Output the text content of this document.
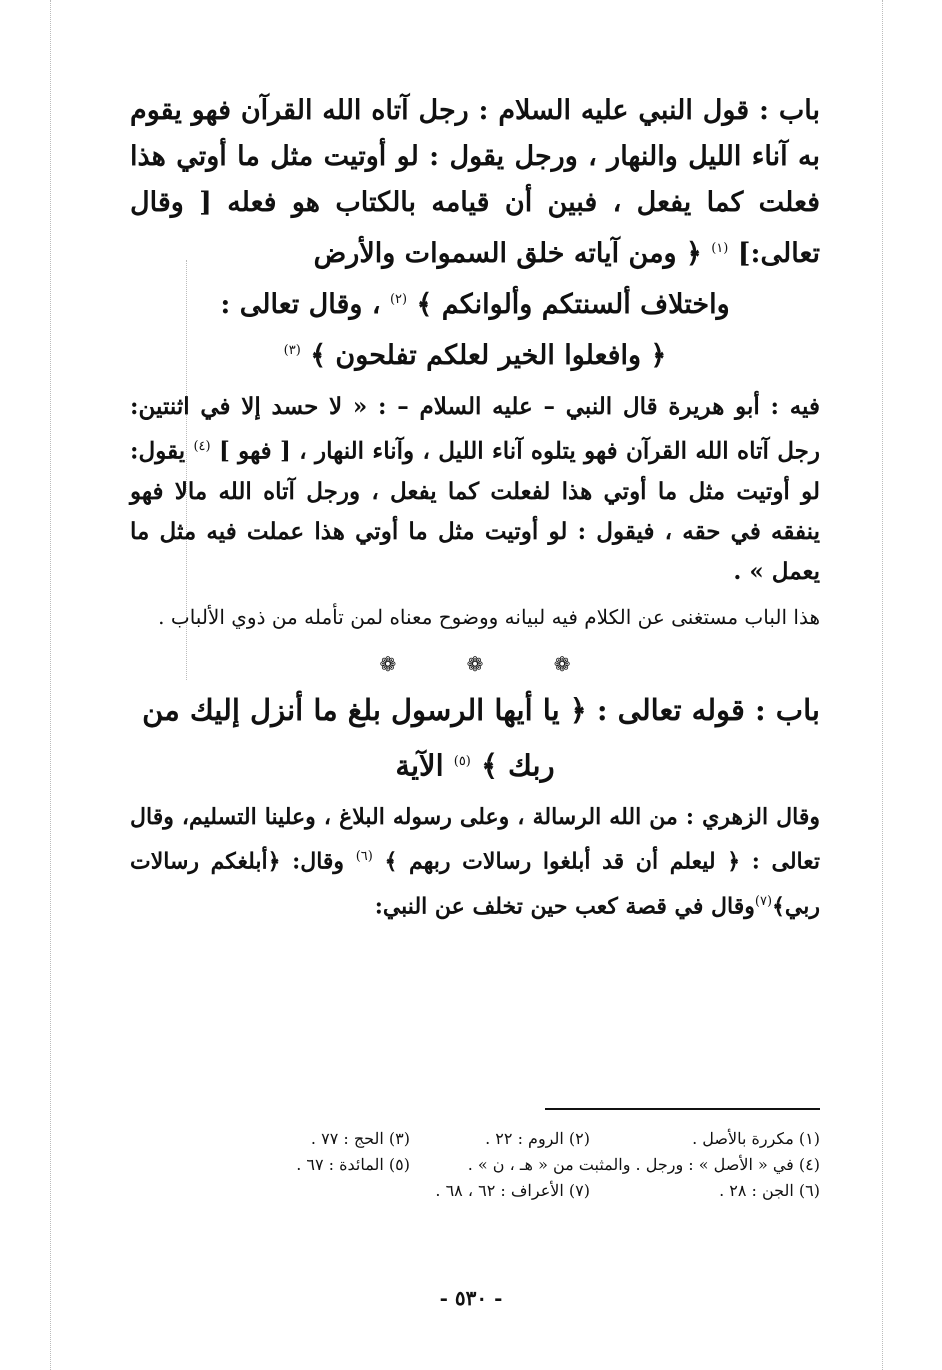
باب : قول النبي عليه السلام : رجل آتاه الله القرآن فهو يقوم به آناء الليل والنهار ، ورجل يقول : لو أوتيت مثل ما أوتي هذا فعلت كما يفعل ، فبين أن قيامه بالكتاب هو فعله [ وقال تعالى:] $^{(١)}$ ﴿ ومن آياته خلق السموات والأرض
واختلاف ألسنتكم وألوانكم ﴾ $^{(٢)}$ ، وقال تعالى :
﴿ وافعلوا الخير لعلكم تفلحون ﴾ $^{(٣)}$
فيه : أبو هريرة قال النبي – عليه السلام – : « لا حسد إلا في اثنتين: رجل آتاه الله القرآن فهو يتلوه آناء الليل ، وآناء النهار ، [ فهو ] $^{(٤)}$ يقول: لو أوتيت مثل ما أوتي هذا لفعلت كما يفعل ، ورجل آتاه الله مالا فهو ينفقه في حقه ، فيقول : لو أوتيت مثل ما أوتي هذا عملت فيه مثل ما يعمل » .
هذا الباب مستغنى عن الكلام فيه لبيانه ووضوح معناه لمن تأمله من ذوي الألباب .
❁	❁	❁
باب : قوله تعالى : ﴿ يا أيها الرسول بلغ ما أنزل إليك من
ربك ﴾ $^{(٥)}$ الآية
وقال الزهري : من الله الرسالة ، وعلى رسوله البلاغ ، وعلينا التسليم، وقال تعالى : ﴿ ليعلم أن قد أبلغوا رسالات ربهم ﴾ $^{(٦)}$ وقال: ﴿أبلغكم رسالات ربي﴾$^{(٧)}$وقال في قصة كعب حين تخلف عن النبي:
(١) مكررة بالأصل .
(٢) الروم : ٢٢ .
(٣) الحج : ٧٧ .
(٤) في « الأصل » : ورجل . والمثبت من « هـ ، ن » .
(٥) المائدة : ٦٧ .
(٦) الجن : ٢٨ .
(٧) الأعراف : ٦٢ ، ٦٨ .
- ٥٣٠ -
